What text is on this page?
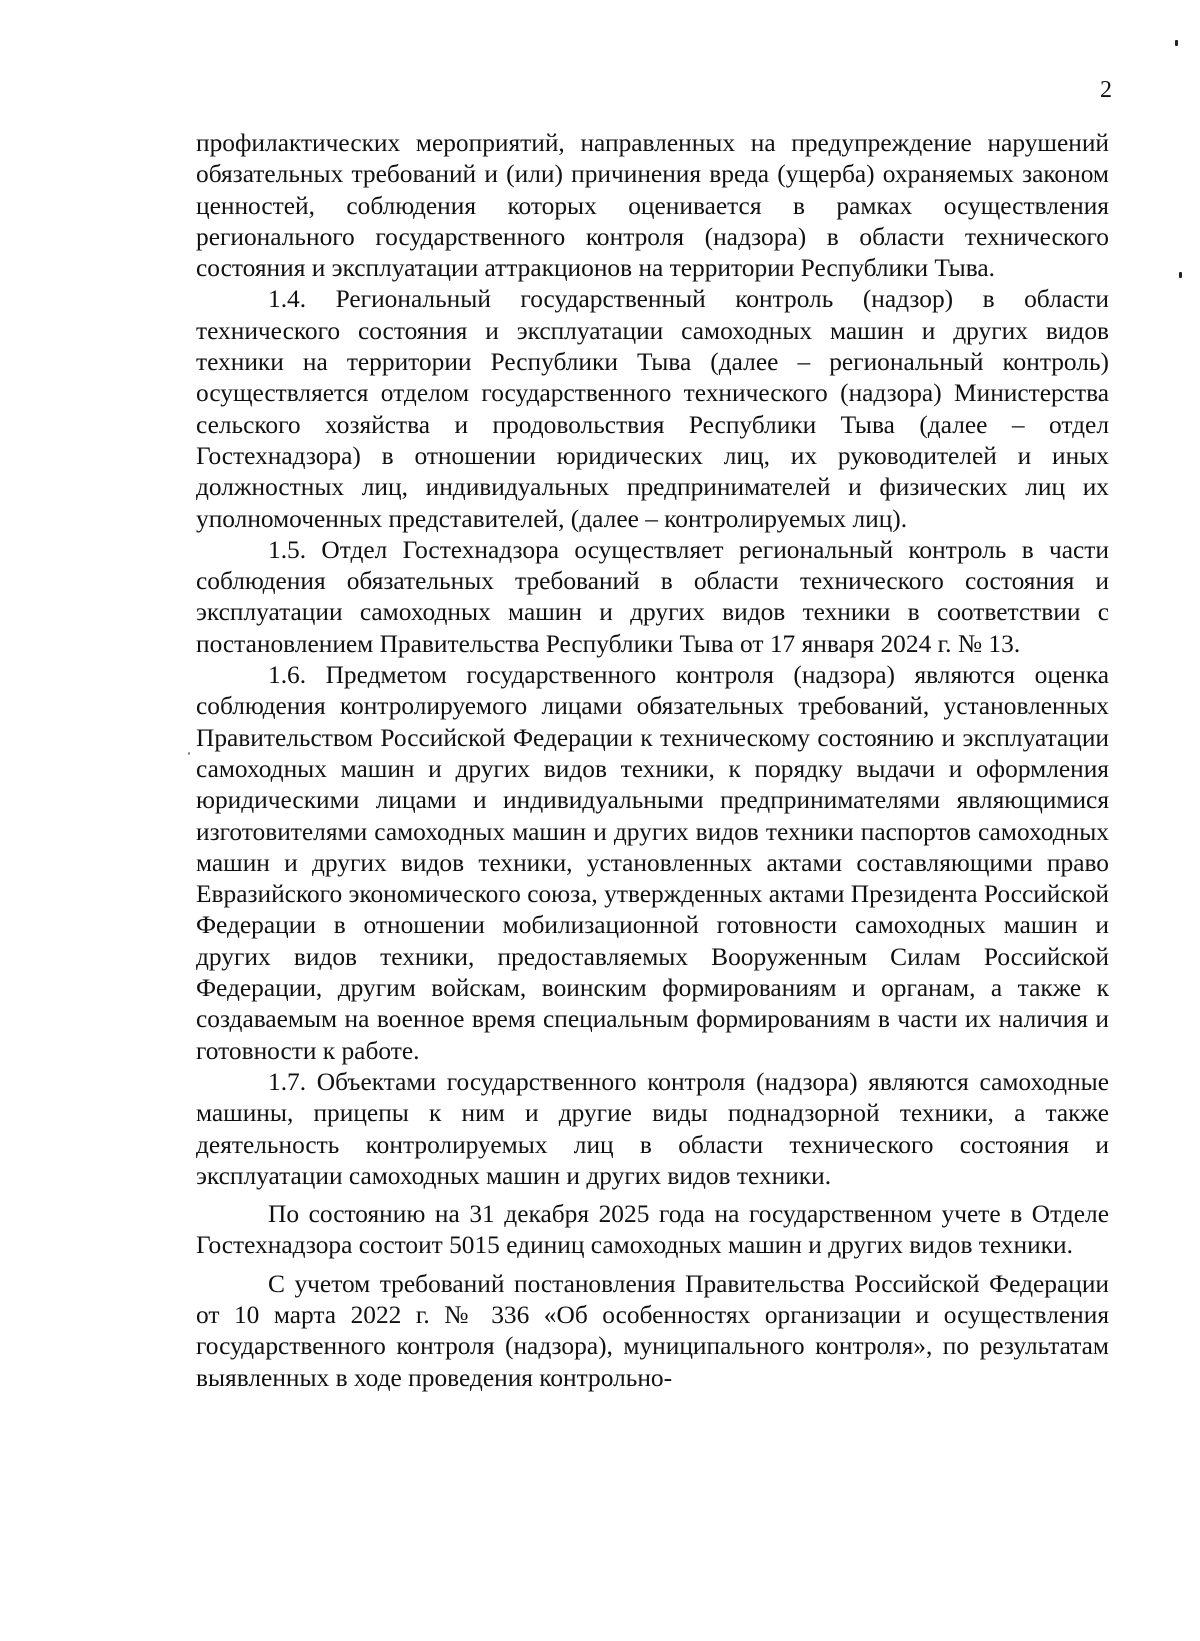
2

профилактических мероприятий, направленных на предупреждение нарушений обязательных требований и (или) причинения вреда (ущерба) охраняемых законом ценностей, соблюдения которых оценивается в рамках осуществления регионального государственного контроля (надзора) в области технического состояния и эксплуатации аттракционов на территории Республики Тыва.

1.4. Региональный государственный контроль (надзор) в области технического состояния и эксплуатации самоходных машин и других видов техники на территории Республики Тыва (далее – региональный контроль) осуществляется отделом государственного технического (надзора) Министерства сельского хозяйства и продовольствия Республики Тыва (далее – отдел Гостехнадзора) в отношении юридических лиц, их руководителей и иных должностных лиц, индивидуальных предпринимателей и физических лиц их уполномоченных представителей, (далее – контролируемых лиц).

1.5. Отдел Гостехнадзора осуществляет региональный контроль в части соблюдения обязательных требований в области технического состояния и эксплуатации самоходных машин и других видов техники в соответствии с постановлением Правительства Республики Тыва от 17 января 2024 г. № 13.

1.6. Предметом государственного контроля (надзора) являются оценка соблюдения контролируемого лицами обязательных требований, установленных Правительством Российской Федерации к техническому состоянию и эксплуатации самоходных машин и других видов техники, к порядку выдачи и оформления юридическими лицами и индивидуальными предпринимателями являющимися изготовителями самоходных машин и других видов техники паспортов самоходных машин и других видов техники, установленных актами составляющими право Евразийского экономического союза, утвержденных актами Президента Российской Федерации в отношении мобилизационной готовности самоходных машин и других видов техники, предоставляемых Вооруженным Силам Российской Федерации, другим войскам, воинским формированиям и органам, а также к создаваемым на военное время специальным формированиям в части их наличия и готовности к работе.

1.7. Объектами государственного контроля (надзора) являются самоходные машины, прицепы к ним и другие виды поднадзорной техники, а также деятельность контролируемых лиц в области технического состояния и эксплуатации самоходных машин и других видов техники.

По состоянию на 31 декабря 2025 года на государственном учете в Отделе Гостехнадзора состоит 5015 единиц самоходных машин и других видов техники.

С учетом требований постановления Правительства Российской Федерации от 10 марта 2022 г. № 336 «Об особенностях организации и осуществления государственного контроля (надзора), муниципального контроля», по результатам выявленных в ходе проведения контрольно-
